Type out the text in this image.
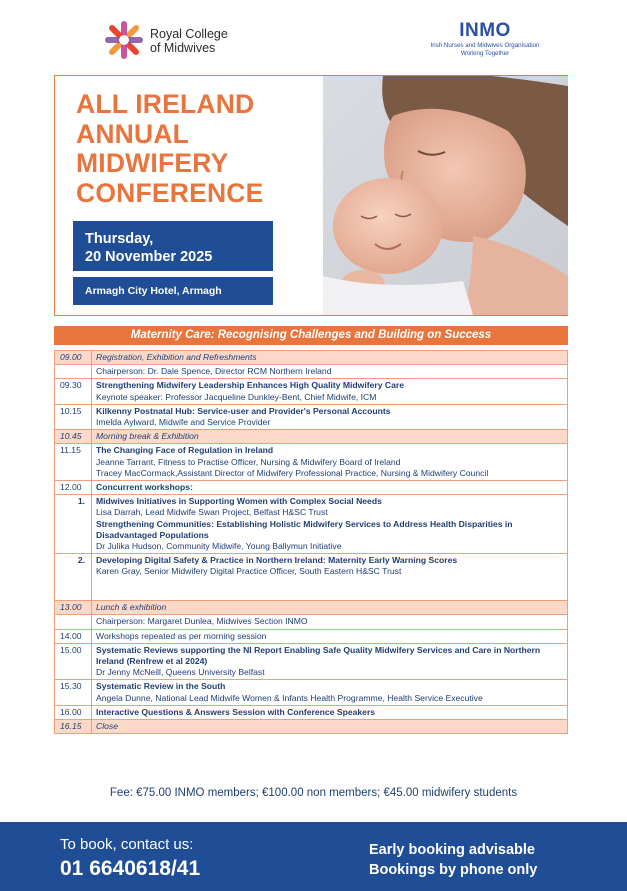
Royal College
of Midwives
INMO
Irish Nurses and Midwives Organisation
Working Together
ALL IRELAND
ANNUAL
MIDWIFERY
CONFERENCE
Thursday,
20 November 2025
Armagh City Hotel, Armagh
Maternity Care: Recognising Challenges and Building on Success
09.00	Registration, Exhibition and Refreshments
	Chairperson: Dr. Dale Spence, Director RCM Northern Ireland
09.30	Strengthening Midwifery Leadership Enhances High Quality Midwifery Care
Keynote speaker: Professor Jacqueline Dunkley-Bent, Chief Midwife, ICM

10.15	Kilkenny Postnatal Hub: Service-user and Provider's Personal Accounts
Imelda Aylward, Midwife and Service Provider

10.45	Morning break & Exhibition
11.15	The Changing Face of Regulation in Ireland
Jeanne Tarrant, Fitness to Practise Officer, Nursing & Midwifery Board of Ireland
Tracey MacCormack,Assistant Director of Midwifery Professional Practice, Nursing & Midwifery Council

12.00	Concurrent workshops:

1.	Midwives Initiatives in Supporting Women with Complex Social Needs
Lisa Darrah, Lead Midwife Swan Project, Belfast H&SC Trust
Strengthening Communities: Establishing Holistic Midwifery Services to Address Health Disparities in Disadvantaged Populations
Dr Julika Hudson, Community Midwife, Young Ballymun Initiative

2.	Developing Digital Safety & Practice in Northern Ireland: Maternity Early Warning Scores
Karen Gray, Senior Midwifery Digital Practice Officer, South Eastern H&SC Trust

13.00	Lunch & exhibition
	Chairperson: Margaret Dunlea, Midwives Section INMO
14.00	Workshops repeated as per morning session
15.00	Systematic Reviews supporting the NI Report Enabling Safe Quality Midwifery Services and Care in Northern Ireland (Renfrew et al 2024)
Dr Jenny McNeill, Queens University Belfast

15.30	Systematic Review in the South
Angela Dunne, National Lead Midwife Women & Infants Health Programme, Health Service Executive

16.00	Interactive Questions & Answers Session with Conference Speakers

16.15	Close
Fee: €75.00 INMO members; €100.00 non members; €45.00 midwifery students
To book, contact us:
01 6640618/41
Early booking advisable
Bookings by phone only
